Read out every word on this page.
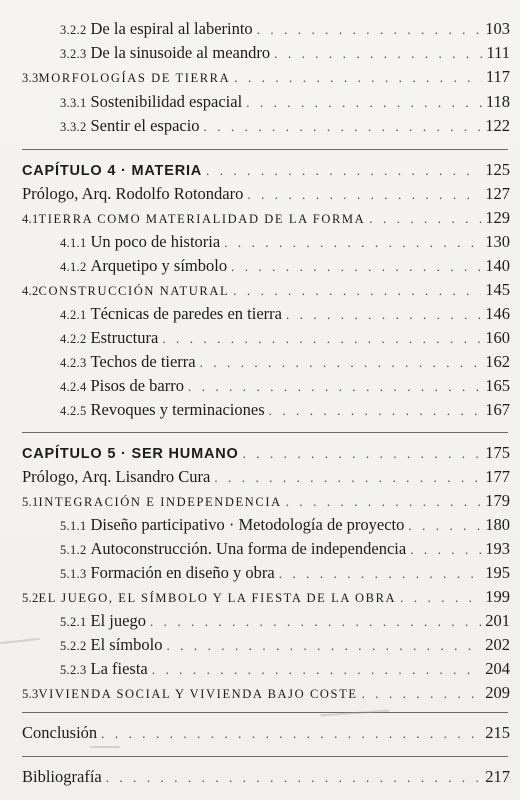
3.2.2 De la espiral al laberinto . . .	103
3.2.3 De la sinusoide al meandro . . .	111
3.3 MORFOLOGÍAS DE TIERRA . . .	117
3.3.1 Sostenibilidad espacial . . .	118
3.3.2 Sentir el espacio . . .	122
CAPÍTULO 4 · MATERIA . . .	125
Prólogo, Arq. Rodolfo Rotondaro . . .	127
4.1 TIERRA COMO MATERIALIDAD DE LA FORMA . . .	129
4.1.1 Un poco de historia . . .	130
4.1.2 Arquetipo y símbolo . . .	140
4.2 CONSTRUCCIÓN NATURAL . . .	145
4.2.1 Técnicas de paredes en tierra . . .	146
4.2.2 Estructura . . .	160
4.2.3 Techos de tierra . . .	162
4.2.4 Pisos de barro . . .	165
4.2.5 Revoques y terminaciones . . .	167
CAPÍTULO 5 · SER HUMANO . . .	175
Prólogo, Arq. Lisandro Cura . . .	177
5.1 INTEGRACIÓN E INDEPENDENCIA . . .	179
5.1.1 Diseño participativo · Metodología de proyecto . . .	180
5.1.2 Autoconstrucción. Una forma de independencia . . .	193
5.1.3 Formación en diseño y obra . . .	195
5.2 EL JUEGO, EL SÍMBOLO Y LA FIESTA DE LA OBRA . . .	199
5.2.1 El juego . . .	201
5.2.2 El símbolo . . .	202
5.2.3 La fiesta . . .	204
5.3 VIVIENDA SOCIAL Y VIVIENDA BAJO COSTE . . .	209
Conclusión . . .	215
Bibliografía . . .	217
